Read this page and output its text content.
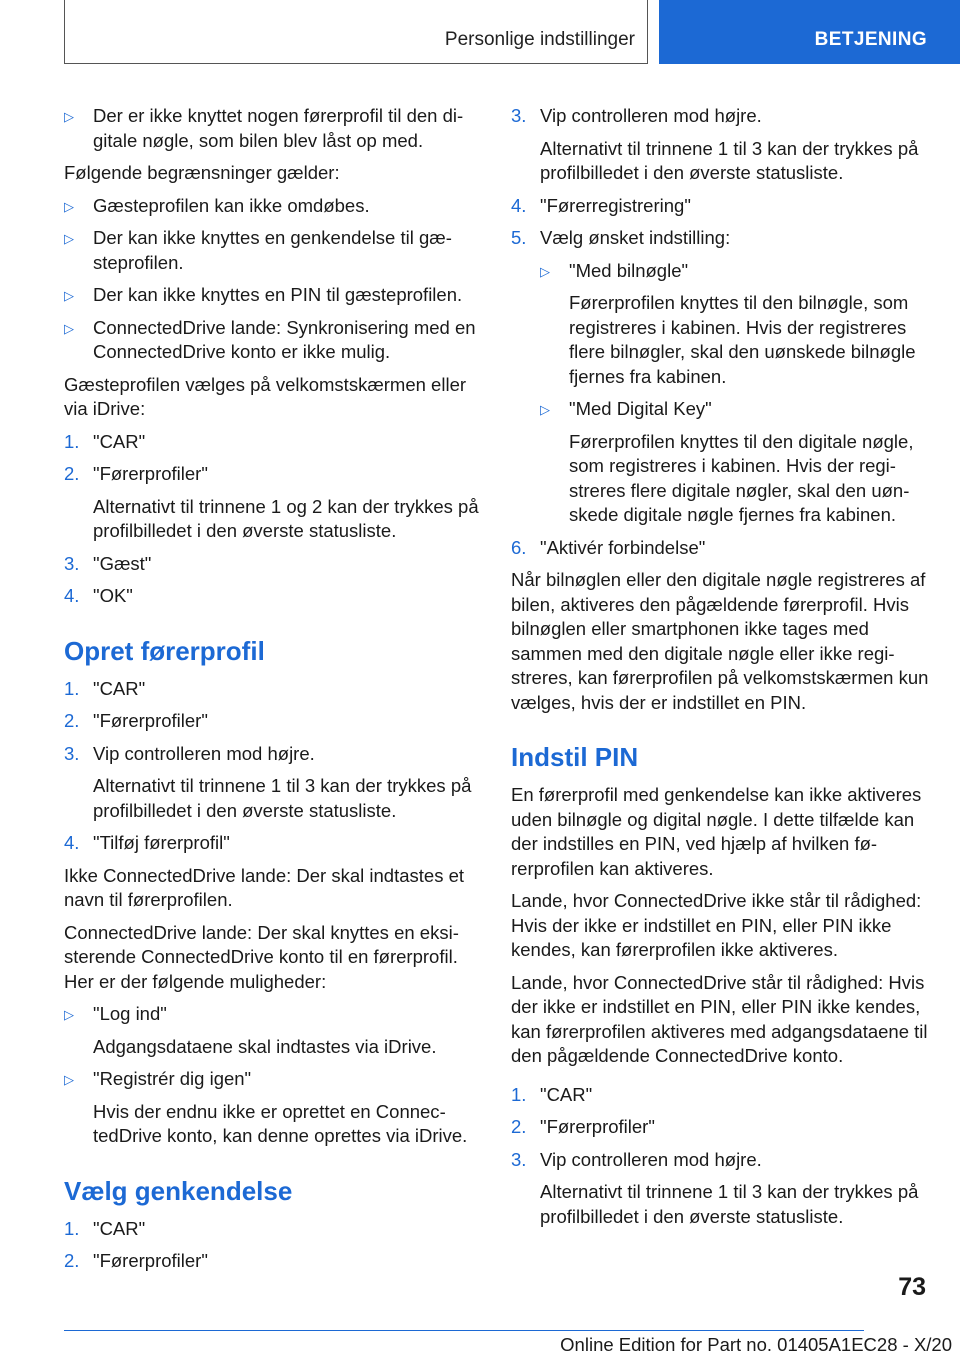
Personlige indstillinger	BETJENING
▷ Der er ikke knyttet nogen førerprofil til den digitale nøgle, som bilen blev låst op med.

Følgende begrænsninger gælder:

▷ Gæsteprofilen kan ikke omdøbes.
▷ Der kan ikke knyttes en genkendelse til gæsteprofilen.
▷ Der kan ikke knyttes en PIN til gæsteprofilen.
▷ ConnectedDrive lande: Synkronisering med en ConnectedDrive konto er ikke mulig.

Gæsteprofilen vælges på velkomstskærmen eller via iDrive:

1. "CAR"
2. "Førerprofiler"
Alternativt til trinnene 1 og 2 kan der trykkes på profilbilledet i den øverste statusliste.
3. "Gæst"
4. "OK"
Opret førerprofil
1. "CAR"
2. "Førerprofiler"
3. Vip controlleren mod højre.
Alternativt til trinnene 1 til 3 kan der trykkes på profilbilledet i den øverste statusliste.
4. "Tilføj førerprofil"

Ikke ConnectedDrive lande: Der skal indtastes et navn til førerprofilen.

ConnectedDrive lande: Der skal knyttes en eksisterende ConnectedDrive konto til en førerprofil. Her er der følgende muligheder:

▷ "Log ind"
Adgangsdataene skal indtastes via iDrive.
▷ "Registrér dig igen"
Hvis der endnu ikke er oprettet en ConnectedDrive konto, kan denne oprettes via iDrive.
Vælg genkendelse
1. "CAR"
2. "Førerprofiler"
3. Vip controlleren mod højre.
Alternativt til trinnene 1 til 3 kan der trykkes på profilbilledet i den øverste statusliste.
4. "Førerregistrering"
5. Vælg ønsket indstilling:
▷ "Med bilnøgle"
Førerprofilen knyttes til den bilnøgle, som registreres i kabinen. Hvis der registreres flere bilnøgler, skal den uønskede bilnøgle fjernes fra kabinen.
▷ "Med Digital Key"
Førerprofilen knyttes til den digitale nøgle, som registreres i kabinen. Hvis der registreres flere digitale nøgler, skal den uønskede digitale nøgle fjernes fra kabinen.
6. "Aktivér forbindelse"

Når bilnøglen eller den digitale nøgle registreres af bilen, aktiveres den pågældende førerprofil. Hvis bilnøglen eller smartphonen ikke tages med sammen med den digitale nøgle eller ikke registreres, kan førerprofilen på velkomstskærmen kun vælges, hvis der er indstillet en PIN.

Indstil PIN

En førerprofil med genkendelse kan ikke aktiveres uden bilnøgle og digital nøgle. I dette tilfælde kan der indstilles en PIN, ved hjælp af hvilken førerprofilen kan aktiveres.

Lande, hvor ConnectedDrive ikke står til rådighed: Hvis der ikke er indstillet en PIN, eller PIN ikke kendes, kan førerprofilen ikke aktiveres.

Lande, hvor ConnectedDrive står til rådighed: Hvis der ikke er indstillet en PIN, eller PIN ikke kendes, kan førerprofilen aktiveres med adgangsdataene til den pågældende ConnectedDrive konto.

1. "CAR"
2. "Førerprofiler"
3. Vip controlleren mod højre.
Alternativt til trinnene 1 til 3 kan der trykkes på profilbilledet i den øverste statusliste.
73
Online Edition for Part no. 01405A1EC28 - X/20
